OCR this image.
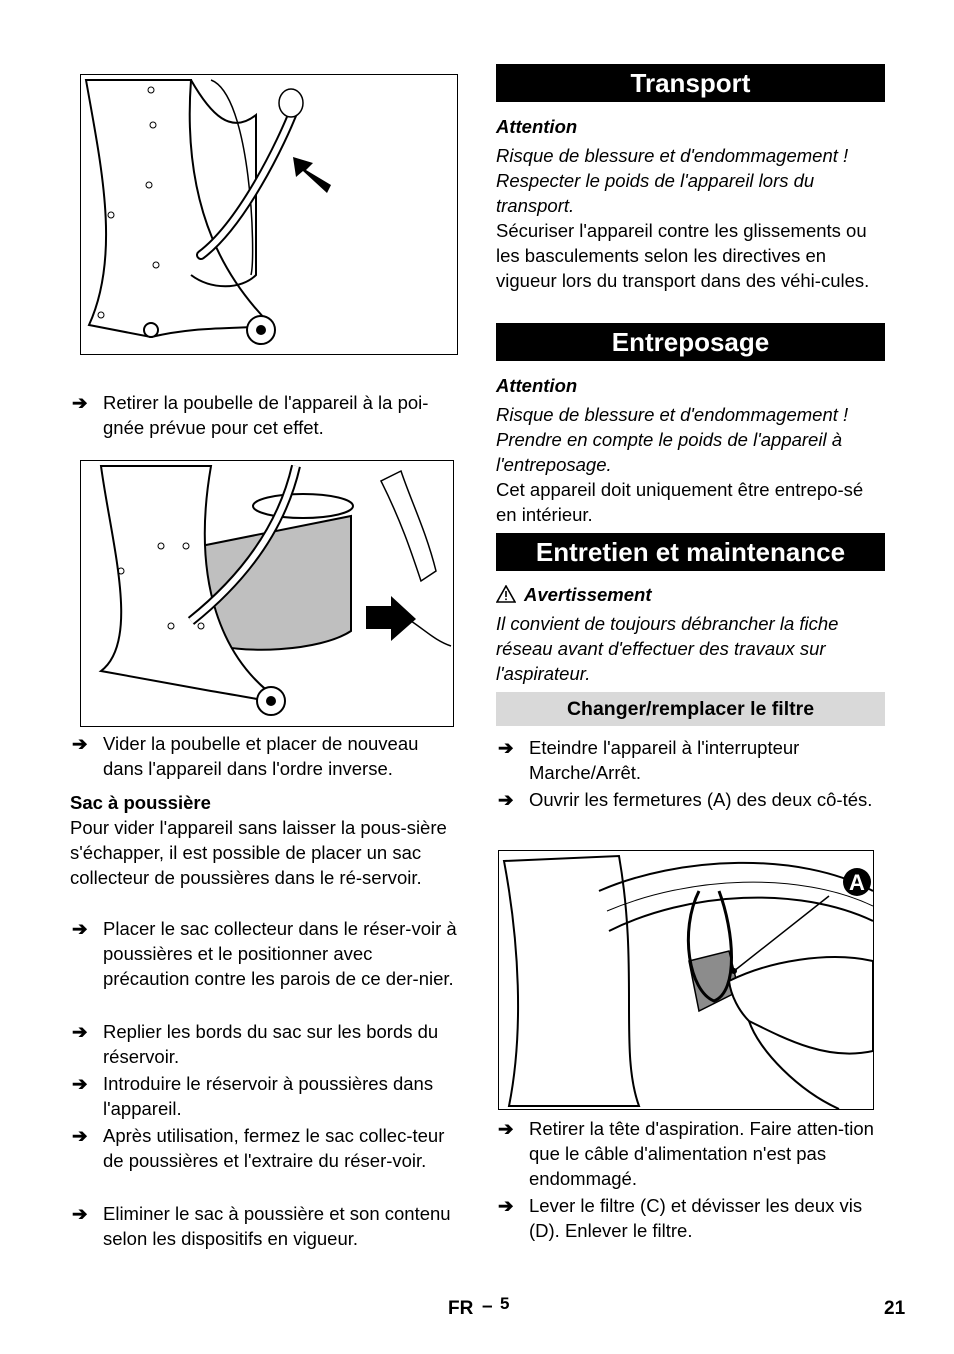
➔ Retirer la poubelle de l'appareil à la poi-gnée prévue pour cet effet.
➔ Vider la poubelle et placer de nouveau dans l'appareil dans l'ordre inverse.
Sac à poussière
Pour vider l'appareil sans laisser la pous-sière s'échapper, il est possible de placer un sac collecteur de poussières dans le ré-servoir.
➔ Placer le sac collecteur dans le réser-voir à poussières et le positionner avec précaution contre les parois de ce der-nier.
➔ Replier les bords du sac sur les bords du réservoir.
➔ Introduire le réservoir à poussières dans l'appareil.
➔ Après utilisation, fermez le sac collec-teur de poussières et l'extraire du réser-voir.
➔ Eliminer le sac à poussière et son contenu selon les dispositifs en vigueur.
Transport
Attention
Risque de blessure et d'endommagement ! Respecter le poids de l'appareil lors du transport.
Sécuriser l'appareil contre les glissements ou les basculements selon les directives en vigueur lors du transport dans des véhi-cules.
Entreposage
Attention
Risque de blessure et d'endommagement ! Prendre en compte le poids de l'appareil à l'entreposage.
Cet appareil doit uniquement être entrepo-sé en intérieur.
Entretien et maintenance
Avertissement
Il convient de toujours débrancher la fiche réseau avant d'effectuer des travaux sur l'aspirateur.
Changer/remplacer le filtre
➔ Eteindre l'appareil à l'interrupteur Marche/Arrêt.
➔ Ouvrir les fermetures (A) des deux cô-tés.
A
➔ Retirer la tête d'aspiration. Faire atten-tion que le câble d'alimentation n'est pas endommagé.
➔ Lever le filtre (C) et dévisser les deux vis (D). Enlever le filtre.
FR – 5	21
